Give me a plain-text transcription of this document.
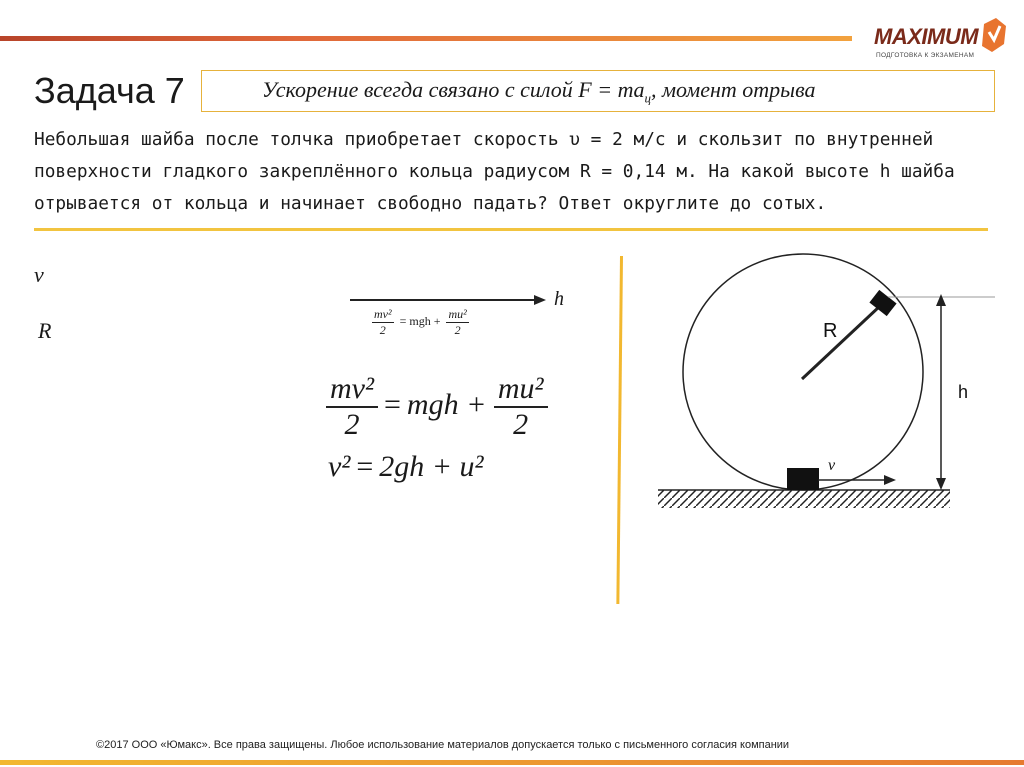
MAXIMUM
ПОДГОТОВКА К ЭКЗАМЕНАМ
Задача 7	Ускорение всегда связано с силой $F = ma_ц$, момент отрыва
Небольшая шайба после толчка приобретает скорость υ = 2 м/с и скользит по внутренней
поверхности гладкого закреплённого кольца радиусом R = 0,14 м. На какой высоте h шайба
отрывается от кольца и начинает свободно падать? Ответ округлите до сотых.
v
R
h
$\frac{\text{mv²}}{2}$ = mgh + $\frac{\text{mu²}}{2}$
$\frac{\text{mv²}}{2}$ = mgh + $\frac{\text{mu²}}{2}$
v² = 2gh + u²
R
h
v⃗
©2017 ООО «Юмакс». Все права защищены. Любое использование материалов допускается только с письменного согласия компании
